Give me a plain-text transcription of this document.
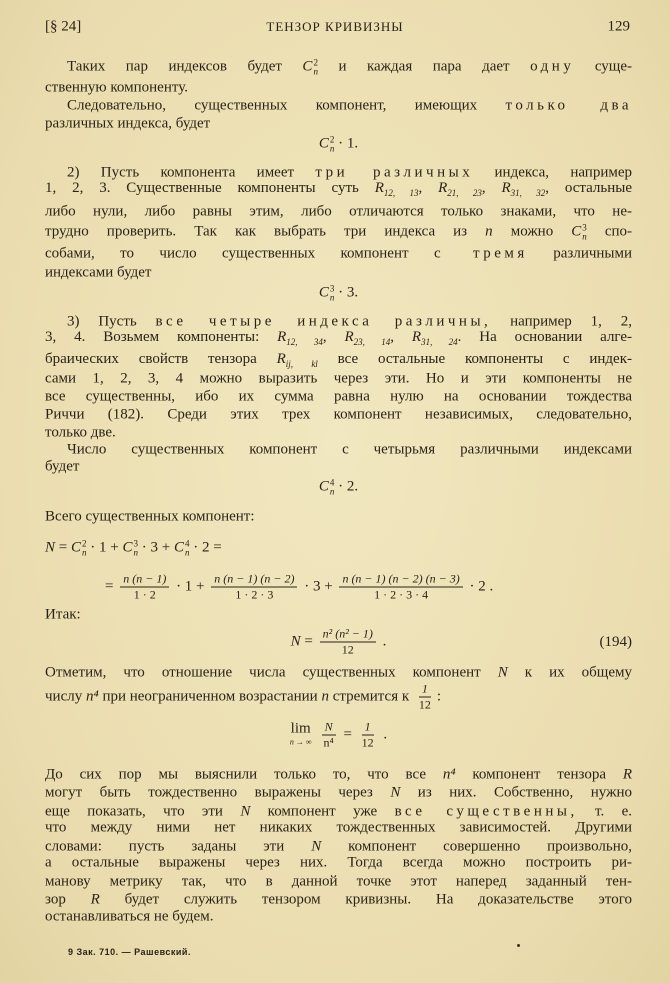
[§ 24]	ТЕНЗОР КРИВИЗНЫ	129
Таких пар индексов будет C 2
n и каждая пара дает одну суще-
ственную компоненту.
Следовательно, существенных компонент, имеющих только два
различных индекса, будет
C 2
n · 1.
2) Пусть компонента имеет три различных индекса, например
1, 2, 3. Существенные компоненты суть $R_{12, 13}$, $R_{21, 23}$, $R_{31, 32}$, остальные
либо нули, либо равны этим, либо отличаются только знаками, что не-
трудно проверить. Так как выбрать три индекса из n можно C 3
n спо-
собами, то число существенных компонент с тремя различными
индексами будет
C 3
n · 3.
3) Пусть все четыре индекса различны, например 1, 2,
3, 4. Возьмем компоненты: $R_{12, 34}$, $R_{23, 14}$, $R_{31, 24}$. На основании алге-
браических свойств тензора $R_{ij, kl}$ все остальные компоненты с индек-
сами 1, 2, 3, 4 можно выразить через эти. Но и эти компоненты не
все существенны, ибо их сумма равна нулю на основании тождества
Риччи (182). Среди этих трех компонент независимых, следовательно,
только две.
Число существенных компонент с четырьмя различными индексами
будет
C 4
n · 2.
Всего существенных компонент:
N = C 2
n · 1 + C 3
n · 3 + C 4
n · 2 =
= $\frac{n (n - 1)}{1 \cdot 2} \cdot 1 + \frac{n (n - 1) (n - 2)}{1 \cdot 2 \cdot 3} \cdot 3 + \frac{n (n - 1) (n - 2) (n - 3)}{1 \cdot 2 \cdot 3 \cdot 4} \cdot 2$ .
Итак:
$N = \frac{\text{n² (n² − 1)}}{12}$ .	(194)
Отметим, что отношение числа существенных компонент N к их общему
числу n⁴ при неограниченном возрастании n стремится к $\frac{1}{12}$ :
lim
n → ∞ $\frac{N}{\text{n⁴}} = \frac{1}{12}$ .
До сих пор мы выяснили только то, что все n⁴ компонент тензора R
могут быть тождественно выражены через N из них. Собственно, нужно
еще показать, что эти N компонент уже все существенны, т. е.
что между ними нет никаких тождественных зависимостей. Другими
словами: пусть заданы эти N компонент совершенно произвольно,
а остальные выражены через них. Тогда всегда можно построить ри-
манову метрику так, что в данной точке этот наперед заданный тен-
зор R будет служить тензором кривизны. На доказательстве этого
останавливаться не будем.
9 Зак. 710. — Рашевский.
